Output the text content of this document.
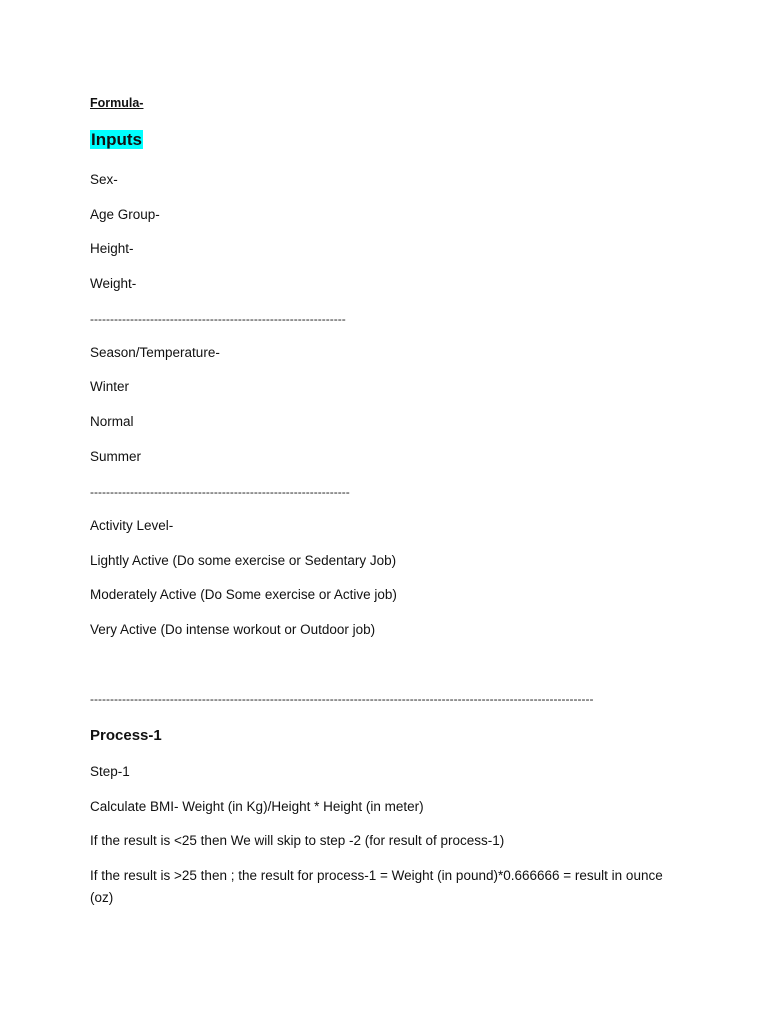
Formula-
Inputs
Sex-
Age Group-
Height-
Weight-
----------------------------------------------------------------
Season/Temperature-
Winter
Normal
Summer
-----------------------------------------------------------------
Activity Level-
Lightly Active (Do some exercise or Sedentary Job)
Moderately Active (Do Some exercise or Active job)
Very Active (Do intense workout or Outdoor job)
------------------------------------------------------------------------------------------------------------------------------
Process-1
Step-1
Calculate BMI- Weight (in Kg)/Height * Height (in meter)
If the result is <25 then We will skip to step -2 (for result of process-1)
If the result is >25 then ; the result for process-1 = Weight (in pound)*0.666666 = result in ounce (oz)
